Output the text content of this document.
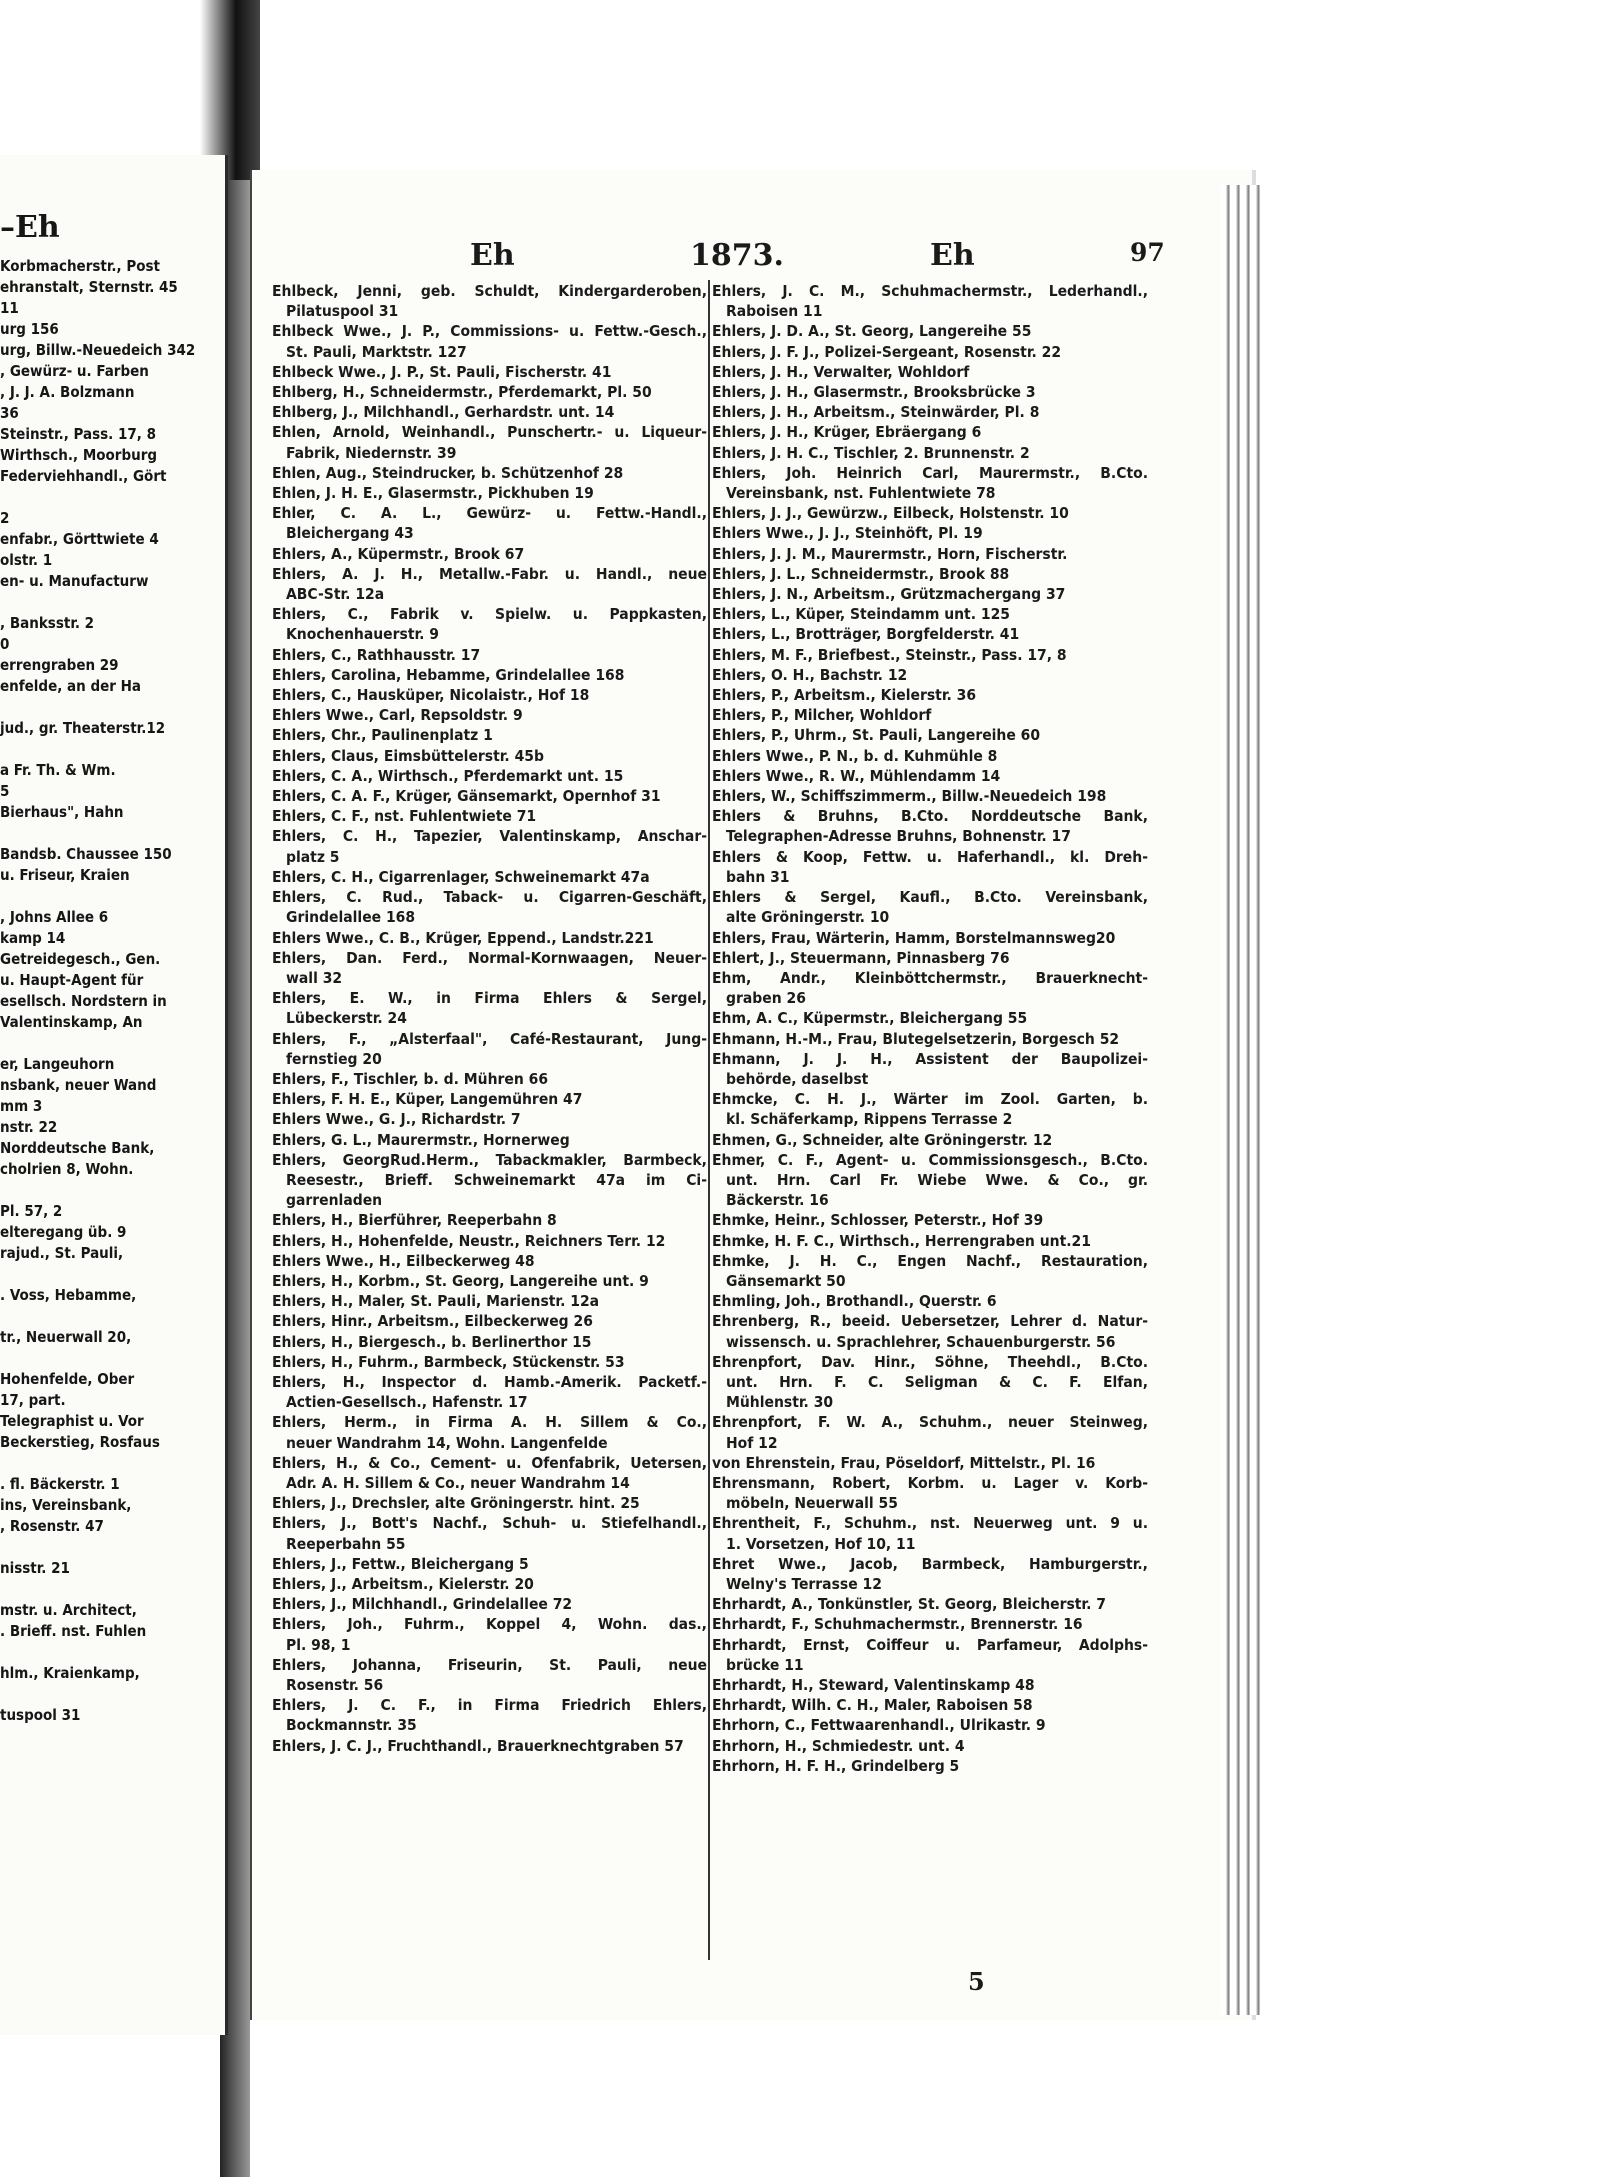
–Eh
Korbmacherstr., Post
ehranstalt, Sternstr. 45
11
urg 156
urg, Billw.-Neuedeich 342
, Gewürz- u. Farben
, J. J. A. Bolzmann
36
Steinstr., Pass. 17, 8
Wirthsch., Moorburg
Federviehhandl., Gört

2
enfabr., Görttwiete 4
olstr. 1
en- u. Manufacturw

, Banksstr. 2
0
errengraben 29
enfelde, an der Ha

jud., gr. Theaterstr.12

a Fr. Th. & Wm.
5
Bierhaus", Hahn

Bandsb. Chaussee 150
u. Friseur, Kraien

, Johns Allee 6
kamp 14
Getreidegesch., Gen.
u. Haupt-Agent für
esellsch. Nordstern in
Valentinskamp, An

er, Langeuhorn
nsbank, neuer Wand
mm 3
nstr. 22
Norddeutsche Bank,
cholrien 8, Wohn.

Pl. 57, 2
elteregang üb. 9
rajud., St. Pauli,

. Voss, Hebamme,

tr., Neuerwall 20,

Hohenfelde, Ober
17, part.
Telegraphist u. Vor
Beckerstieg, Rosfaus

. fl. Bäckerstr. 1
ins, Vereinsbank,
, Rosenstr. 47

nisstr. 21

mstr. u. Architect,
. Brieff. nst. Fuhlen

hlm., Kraienkamp,

tuspool 31
Eh	1873.	Eh	97
Ehlbeck, Jenni, geb. Schuldt, Kindergarderoben,
Pilatuspool 31
Ehlbeck Wwe., J. P., Commissions- u. Fettw.-Gesch.,
St. Pauli, Marktstr. 127
Ehlbeck Wwe., J. P., St. Pauli, Fischerstr. 41
Ehlberg, H., Schneidermstr., Pferdemarkt, Pl. 50
Ehlberg, J., Milchhandl., Gerhardstr. unt. 14
Ehlen, Arnold, Weinhandl., Punschertr.- u. Liqueur-
Fabrik, Niedernstr. 39
Ehlen, Aug., Steindrucker, b. Schützenhof 28
Ehlen, J. H. E., Glasermstr., Pickhuben 19
Ehler, C. A. L., Gewürz- u. Fettw.-Handl.,
Bleichergang 43
Ehlers, A., Küpermstr., Brook 67
Ehlers, A. J. H., Metallw.-Fabr. u. Handl., neue
ABC-Str. 12a
Ehlers, C., Fabrik v. Spielw. u. Pappkasten,
Knochenhauerstr. 9
Ehlers, C., Rathhausstr. 17
Ehlers, Carolina, Hebamme, Grindelallee 168
Ehlers, C., Hausküper, Nicolaistr., Hof 18
Ehlers Wwe., Carl, Repsoldstr. 9
Ehlers, Chr., Paulinenplatz 1
Ehlers, Claus, Eimsbüttelerstr. 45b
Ehlers, C. A., Wirthsch., Pferdemarkt unt. 15
Ehlers, C. A. F., Krüger, Gänsemarkt, Opernhof 31
Ehlers, C. F., nst. Fuhlentwiete 71
Ehlers, C. H., Tapezier, Valentinskamp, Anschar-
platz 5
Ehlers, C. H., Cigarrenlager, Schweinemarkt 47a
Ehlers, C. Rud., Taback- u. Cigarren-Geschäft,
Grindelallee 168
Ehlers Wwe., C. B., Krüger, Eppend., Landstr.221
Ehlers, Dan. Ferd., Normal-Kornwaagen, Neuer-
wall 32
Ehlers, E. W., in Firma Ehlers & Sergel,
Lübeckerstr. 24
Ehlers, F., „Alsterfaal", Café-Restaurant, Jung-
fernstieg 20
Ehlers, F., Tischler, b. d. Mühren 66
Ehlers, F. H. E., Küper, Langemühren 47
Ehlers Wwe., G. J., Richardstr. 7
Ehlers, G. L., Maurermstr., Hornerweg
Ehlers, GeorgRud.Herm., Tabackmakler, Barmbeck,
Reesestr., Brieff. Schweinemarkt 47a im Ci-
garrenladen
Ehlers, H., Bierführer, Reeperbahn 8
Ehlers, H., Hohenfelde, Neustr., Reichners Terr. 12
Ehlers Wwe., H., Eilbeckerweg 48
Ehlers, H., Korbm., St. Georg, Langereihe unt. 9
Ehlers, H., Maler, St. Pauli, Marienstr. 12a
Ehlers, Hinr., Arbeitsm., Eilbeckerweg 26
Ehlers, H., Biergesch., b. Berlinerthor 15
Ehlers, H., Fuhrm., Barmbeck, Stückenstr. 53
Ehlers, H., Inspector d. Hamb.-Amerik. Packetf.-
Actien-Gesellsch., Hafenstr. 17
Ehlers, Herm., in Firma A. H. Sillem & Co.,
neuer Wandrahm 14, Wohn. Langenfelde
Ehlers, H., & Co., Cement- u. Ofenfabrik, Uetersen,
Adr. A. H. Sillem & Co., neuer Wandrahm 14
Ehlers, J., Drechsler, alte Gröningerstr. hint. 25
Ehlers, J., Bott's Nachf., Schuh- u. Stiefelhandl.,
Reeperbahn 55
Ehlers, J., Fettw., Bleichergang 5
Ehlers, J., Arbeitsm., Kielerstr. 20
Ehlers, J., Milchhandl., Grindelallee 72
Ehlers, Joh., Fuhrm., Koppel 4, Wohn. das.,
Pl. 98, 1
Ehlers, Johanna, Friseurin, St. Pauli, neue
Rosenstr. 56
Ehlers, J. C. F., in Firma Friedrich Ehlers,
Bockmannstr. 35
Ehlers, J. C. J., Fruchthandl., Brauerknechtgraben 57
Ehlers, J. C. M., Schuhmachermstr., Lederhandl.,
Raboisen 11
Ehlers, J. D. A., St. Georg, Langereihe 55
Ehlers, J. F. J., Polizei-Sergeant, Rosenstr. 22
Ehlers, J. H., Verwalter, Wohldorf
Ehlers, J. H., Glasermstr., Brooksbrücke 3
Ehlers, J. H., Arbeitsm., Steinwärder, Pl. 8
Ehlers, J. H., Krüger, Ebräergang 6
Ehlers, J. H. C., Tischler, 2. Brunnenstr. 2
Ehlers, Joh. Heinrich Carl, Maurermstr., B.Cto.
Vereinsbank, nst. Fuhlentwiete 78
Ehlers, J. J., Gewürzw., Eilbeck, Holstenstr. 10
Ehlers Wwe., J. J., Steinhöft, Pl. 19
Ehlers, J. J. M., Maurermstr., Horn, Fischerstr.
Ehlers, J. L., Schneidermstr., Brook 88
Ehlers, J. N., Arbeitsm., Grützmachergang 37
Ehlers, L., Küper, Steindamm unt. 125
Ehlers, L., Brotträger, Borgfelderstr. 41
Ehlers, M. F., Briefbest., Steinstr., Pass. 17, 8
Ehlers, O. H., Bachstr. 12
Ehlers, P., Arbeitsm., Kielerstr. 36
Ehlers, P., Milcher, Wohldorf
Ehlers, P., Uhrm., St. Pauli, Langereihe 60
Ehlers Wwe., P. N., b. d. Kuhmühle 8
Ehlers Wwe., R. W., Mühlendamm 14
Ehlers, W., Schiffszimmerm., Billw.-Neuedeich 198
Ehlers & Bruhns, B.Cto. Norddeutsche Bank,
Telegraphen-Adresse Bruhns, Bohnenstr. 17
Ehlers & Koop, Fettw. u. Haferhandl., kl. Dreh-
bahn 31
Ehlers & Sergel, Kaufl., B.Cto. Vereinsbank,
alte Gröningerstr. 10
Ehlers, Frau, Wärterin, Hamm, Borstelmannsweg20
Ehlert, J., Steuermann, Pinnasberg 76
Ehm, Andr., Kleinböttchermstr., Brauerknecht-
graben 26
Ehm, A. C., Küpermstr., Bleichergang 55
Ehmann, H.-M., Frau, Blutegelsetzerin, Borgesch 52
Ehmann, J. J. H., Assistent der Baupolizei-
behörde, daselbst
Ehmcke, C. H. J., Wärter im Zool. Garten, b.
kl. Schäferkamp, Rippens Terrasse 2
Ehmen, G., Schneider, alte Gröningerstr. 12
Ehmer, C. F., Agent- u. Commissionsgesch., B.Cto.
unt. Hrn. Carl Fr. Wiebe Wwe. & Co., gr.
Bäckerstr. 16
Ehmke, Heinr., Schlosser, Peterstr., Hof 39
Ehmke, H. F. C., Wirthsch., Herrengraben unt.21
Ehmke, J. H. C., Engen Nachf., Restauration,
Gänsemarkt 50
Ehmling, Joh., Brothandl., Querstr. 6
Ehrenberg, R., beeid. Uebersetzer, Lehrer d. Natur-
wissensch. u. Sprachlehrer, Schauenburgerstr. 56
Ehrenpfort, Dav. Hinr., Söhne, Theehdl., B.Cto.
unt. Hrn. F. C. Seligman & C. F. Elfan,
Mühlenstr. 30
Ehrenpfort, F. W. A., Schuhm., neuer Steinweg,
Hof 12
von Ehrenstein, Frau, Pöseldorf, Mittelstr., Pl. 16
Ehrensmann, Robert, Korbm. u. Lager v. Korb-
möbeln, Neuerwall 55
Ehrentheit, F., Schuhm., nst. Neuerweg unt. 9 u.
1. Vorsetzen, Hof 10, 11
Ehret Wwe., Jacob, Barmbeck, Hamburgerstr.,
Welny's Terrasse 12
Ehrhardt, A., Tonkünstler, St. Georg, Bleicherstr. 7
Ehrhardt, F., Schuhmachermstr., Brennerstr. 16
Ehrhardt, Ernst, Coiffeur u. Parfameur, Adolphs-
brücke 11
Ehrhardt, H., Steward, Valentinskamp 48
Ehrhardt, Wilh. C. H., Maler, Raboisen 58
Ehrhorn, C., Fettwaarenhandl., Ulrikastr. 9
Ehrhorn, H., Schmiedestr. unt. 4
Ehrhorn, H. F. H., Grindelberg 5
5
